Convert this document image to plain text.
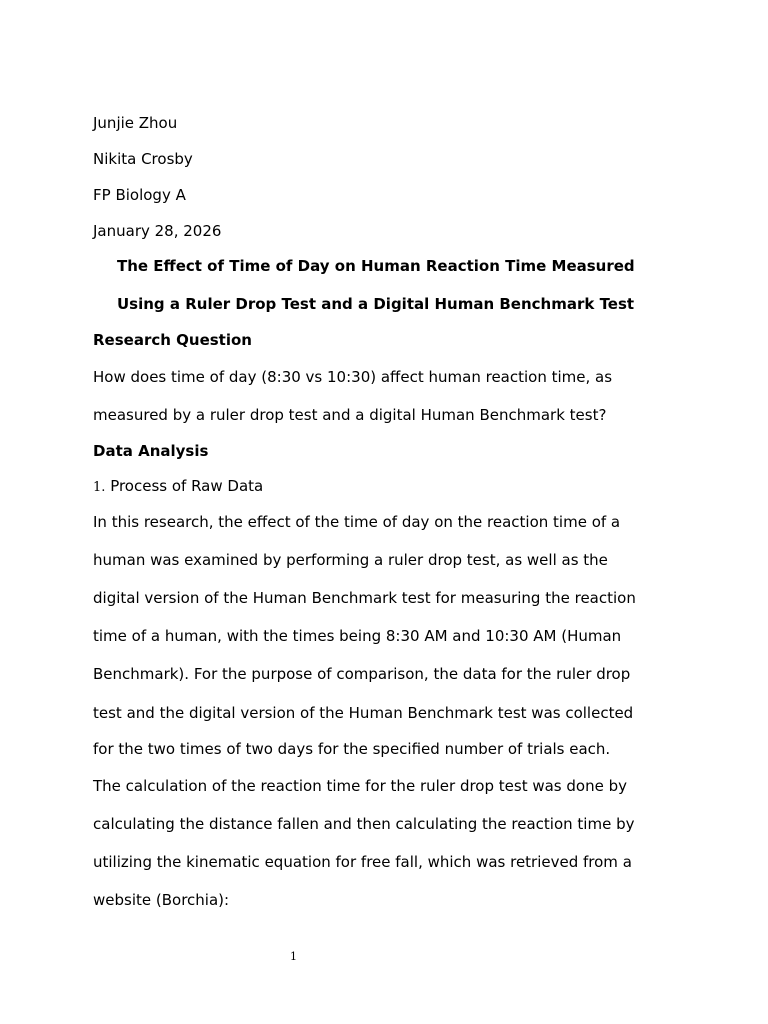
Junjie Zhou
Nikita Crosby
FP Biology A
January 28, 2026
The Effect of Time of Day on Human Reaction Time Measured
Using a Ruler Drop Test and a Digital Human Benchmark Test
Research Question
How does time of day (8:30 vs 10:30) affect human reaction time, as
measured by a ruler drop test and a digital Human Benchmark test?
Data Analysis
1. Process of Raw Data
In this research, the effect of the time of day on the reaction time of a
human was examined by performing a ruler drop test, as well as the
digital version of the Human Benchmark test for measuring the reaction
time of a human, with the times being 8:30 AM and 10:30 AM (Human
Benchmark). For the purpose of comparison, the data for the ruler drop
test and the digital version of the Human Benchmark test was collected
for the two times of two days for the specified number of trials each.
The calculation of the reaction time for the ruler drop test was done by
calculating the distance fallen and then calculating the reaction time by
utilizing the kinematic equation for free fall, which was retrieved from a
website (Borchia):
1
